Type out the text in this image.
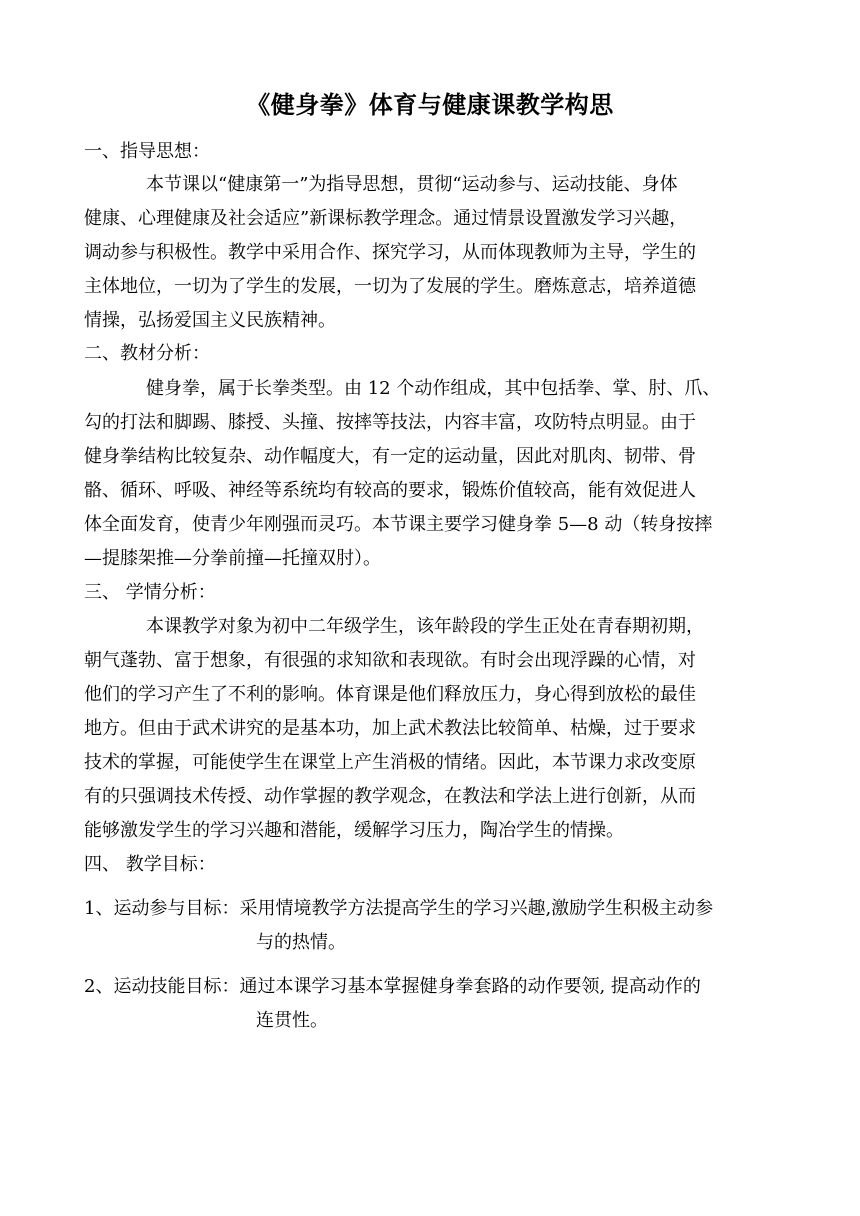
《健身拳》体育与健康课教学构思
一、指导思想：
本节课以“健康第一”为指导思想，贯彻“运动参与、运动技能、身体
健康、心理健康及社会适应”新课标教学理念。通过情景设置激发学习兴趣，
调动参与积极性。教学中采用合作、探究学习，从而体现教师为主导，学生的
主体地位，一切为了学生的发展，一切为了发展的学生。磨炼意志，培养道德
情操，弘扬爱国主义民族精神。
二、教材分析：
健身拳，属于长拳类型。由 12 个动作组成，其中包括拳、掌、肘、爪、
勾的打法和脚踢、膝授、头撞、按摔等技法，内容丰富，攻防特点明显。由于
健身拳结构比较复杂、动作幅度大，有一定的运动量，因此对肌肉、韧带、骨
骼、循环、呼吸、神经等系统均有较高的要求，锻炼价值较高，能有效促进人
体全面发育，使青少年刚强而灵巧。本节课主要学习健身拳 5—8 动（转身按摔
—提膝架推—分拳前撞—托撞双肘）。
三、 学情分析：
本课教学对象为初中二年级学生，该年龄段的学生正处在青春期初期，
朝气蓬勃、富于想象，有很强的求知欲和表现欲。有时会出现浮躁的心情，对
他们的学习产生了不利的影响。体育课是他们释放压力，身心得到放松的最佳
地方。但由于武术讲究的是基本功，加上武术教法比较简单、枯燥，过于要求
技术的掌握，可能使学生在课堂上产生消极的情绪。因此，本节课力求改变原
有的只强调技术传授、动作掌握的教学观念，在教法和学法上进行创新，从而
能够激发学生的学习兴趣和潜能，缓解学习压力，陶冶学生的情操。
四、 教学目标：
1、运动参与目标：采用情境教学方法提高学生的学习兴趣,激励学生积极主动参
与的热情。
2、运动技能目标：通过本课学习基本掌握健身拳套路的动作要领, 提高动作的
连贯性。
